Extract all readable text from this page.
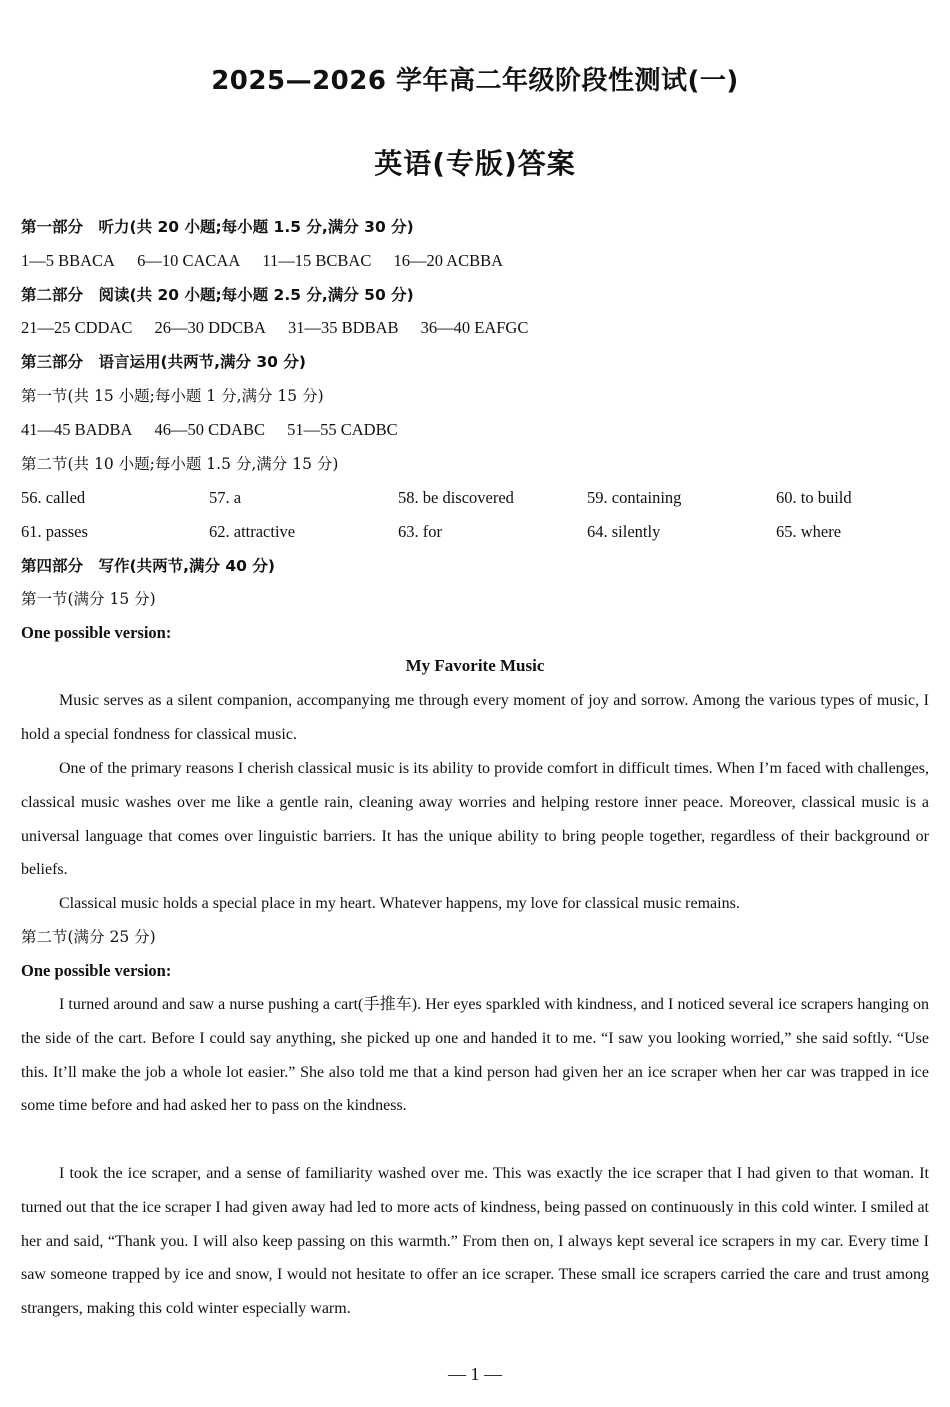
2025—2026 学年高二年级阶段性测试(一)
英语(专版)答案
第一部分　听力(共 20 小题;每小题 1.5 分,满分 30 分)
1—5 BBACA 6—10 CACAA 11—15 BCBAC 16—20 ACBBA
第二部分　阅读(共 20 小题;每小题 2.5 分,满分 50 分)
21—25 CDDAC 26—30 DDCBA 31—35 BDBAB 36—40 EAFGC
第三部分　语言运用(共两节,满分 30 分)
第一节(共 15 小题;每小题 1 分,满分 15 分)
41—45 BADBA 46—50 CDABC 51—55 CADBC
第二节(共 10 小题;每小题 1.5 分,满分 15 分)
56. called	57. a	58. be discovered	59. containing	60. to build
61. passes	62. attractive	63. for	64. silently	65. where
第四部分　写作(共两节,满分 40 分)
第一节(满分 15 分)
One possible version:
My Favorite Music
Music serves as a silent companion, accompanying me through every moment of joy and sorrow. Among the various types of music, I hold a special fondness for classical music.
One of the primary reasons I cherish classical music is its ability to provide comfort in difficult times. When I’m faced with challenges, classical music washes over me like a gentle rain, cleaning away worries and helping restore inner peace. Moreover, classical music is a universal language that comes over linguistic barriers. It has the unique ability to bring people together, regardless of their background or beliefs.
Classical music holds a special place in my heart. Whatever happens, my love for classical music remains.
第二节(满分 25 分)
One possible version:
I turned around and saw a nurse pushing a cart(手推车). Her eyes sparkled with kindness, and I noticed several ice scrapers hanging on the side of the cart. Before I could say anything, she picked up one and handed it to me. “I saw you looking worried,” she said softly. “Use this. It’ll make the job a whole lot easier.” She also told me that a kind person had given her an ice scraper when her car was trapped in ice some time before and had asked her to pass on the kindness.
I took the ice scraper, and a sense of familiarity washed over me. This was exactly the ice scraper that I had given to that woman. It turned out that the ice scraper I had given away had led to more acts of kindness, being passed on continuously in this cold winter. I smiled at her and said, “Thank you. I will also keep passing on this warmth.” From then on, I always kept several ice scrapers in my car. Every time I saw someone trapped by ice and snow, I would not hesitate to offer an ice scraper. These small ice scrapers carried the care and trust among strangers, making this cold winter especially warm.
— 1 —
